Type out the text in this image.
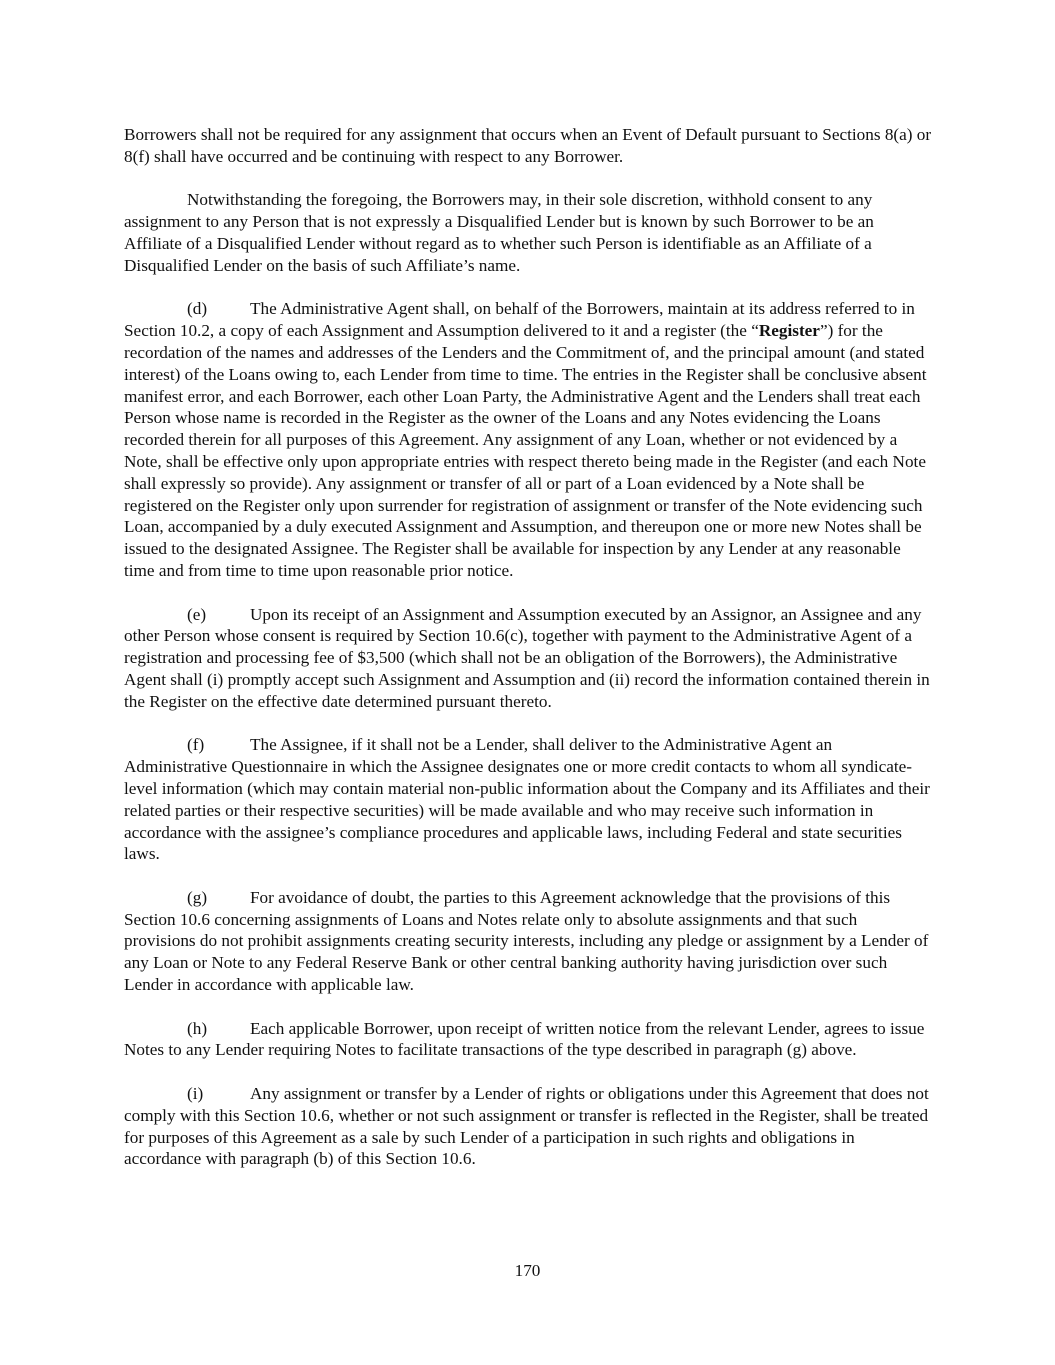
Borrowers shall not be required for any assignment that occurs when an Event of Default pursuant to Sections 8(a) or 8(f) shall have occurred and be continuing with respect to any Borrower.

Notwithstanding the foregoing, the Borrowers may, in their sole discretion, withhold consent to any assignment to any Person that is not expressly a Disqualified Lender but is known by such Borrower to be an Affiliate of a Disqualified Lender without regard as to whether such Person is identifiable as an Affiliate of a Disqualified Lender on the basis of such Affiliate’s name.

(d) The Administrative Agent shall, on behalf of the Borrowers, maintain at its address referred to in Section 10.2, a copy of each Assignment and Assumption delivered to it and a register (the “Register”) for the recordation of the names and addresses of the Lenders and the Commitment of, and the principal amount (and stated interest) of the Loans owing to, each Lender from time to time. The entries in the Register shall be conclusive absent manifest error, and each Borrower, each other Loan Party, the Administrative Agent and the Lenders shall treat each Person whose name is recorded in the Register as the owner of the Loans and any Notes evidencing the Loans recorded therein for all purposes of this Agreement. Any assignment of any Loan, whether or not evidenced by a Note, shall be effective only upon appropriate entries with respect thereto being made in the Register (and each Note shall expressly so provide). Any assignment or transfer of all or part of a Loan evidenced by a Note shall be registered on the Register only upon surrender for registration of assignment or transfer of the Note evidencing such Loan, accompanied by a duly executed Assignment and Assumption, and thereupon one or more new Notes shall be issued to the designated Assignee. The Register shall be available for inspection by any Lender at any reasonable time and from time to time upon reasonable prior notice.

(e)	Upon its receipt of an Assignment and Assumption executed by an Assignor, an Assignee and any other Person whose consent is required by Section 10.6(c), together with payment to the Administrative Agent of a registration and processing fee of $3,500 (which shall not be an obligation of the Borrowers), the Administrative Agent shall (i) promptly accept such Assignment and Assumption and (ii) record the information contained therein in the Register on the effective date determined pursuant thereto.

(f)	The Assignee, if it shall not be a Lender, shall deliver to the Administrative Agent an Administrative Questionnaire in which the Assignee designates one or more credit contacts to whom all syndicate-level information (which may contain material non-public information about the Company and its Affiliates and their related parties or their respective securities) will be made available and who may receive such information in accordance with the assignee’s compliance procedures and applicable laws, including Federal and state securities laws.

(g) For avoidance of doubt, the parties to this Agreement acknowledge that the provisions of this Section 10.6 concerning assignments of Loans and Notes relate only to absolute assignments and that such provisions do not prohibit assignments creating security interests, including any pledge or assignment by a Lender of any Loan or Note to any Federal Reserve Bank or other central banking authority having jurisdiction over such Lender in accordance with applicable law.

(h) Each applicable Borrower, upon receipt of written notice from the relevant Lender, agrees to issue Notes to any Lender requiring Notes to facilitate transactions of the type described in paragraph (g) above.

(i)	Any assignment or transfer by a Lender of rights or obligations under this Agreement that does not comply with this Section 10.6, whether or not such assignment or transfer is reflected in the Register, shall be treated for purposes of this Agreement as a sale by such Lender of a participation in such rights and obligations in accordance with paragraph (b) of this Section 10.6.

170
